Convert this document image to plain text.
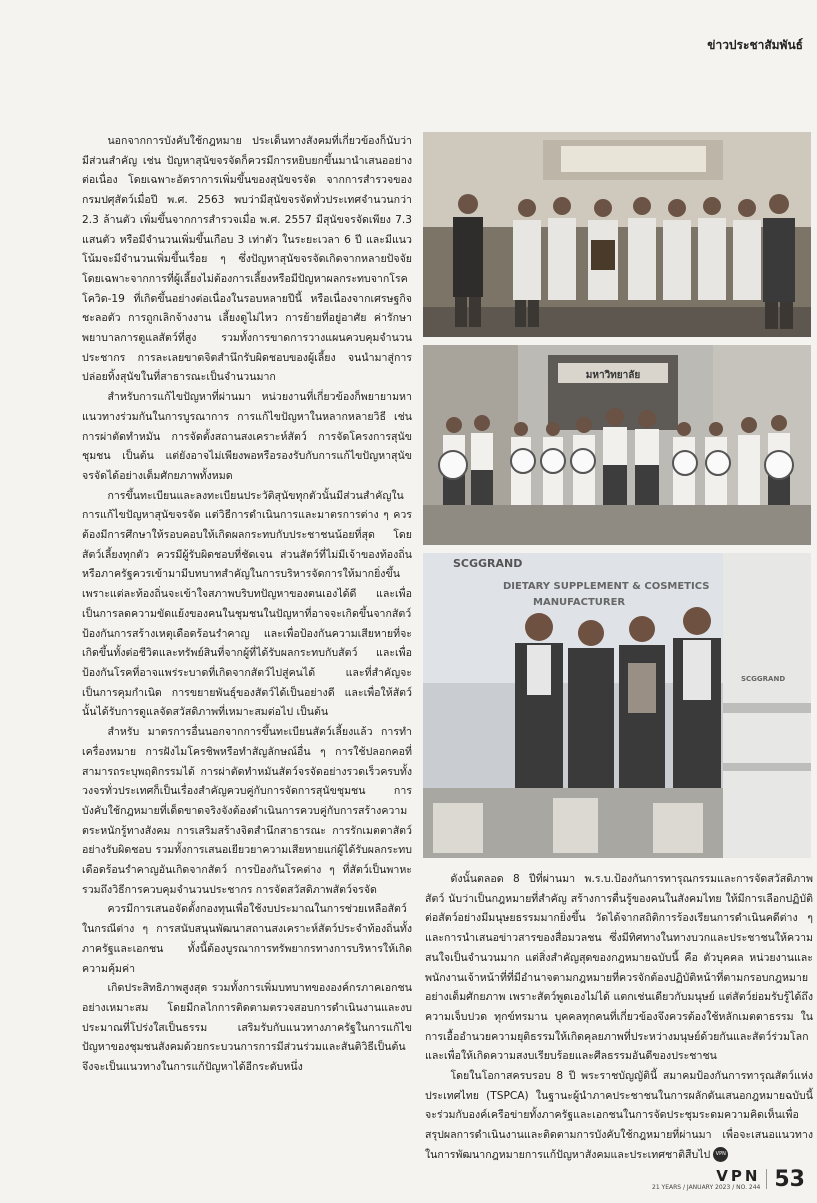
ข่าวประชาสัมพันธ์

นอกจากการบังคับใช้กฎหมาย ประเด็นทางสังคมที่เกี่ยวข้องก็นับว่ามีส่วนสำคัญ เช่น ปัญหาสุนัขจรจัดก็ควรมีการหยิบยกขึ้นมานำเสนออย่างต่อเนื่อง โดยเฉพาะอัตราการเพิ่มขึ้นของสุนัขจรจัด จากการสำรวจของกรมปศุสัตว์เมื่อปี พ.ศ. 2563 พบว่ามีสุนัขจรจัดทั่วประเทศจำนวนกว่า 2.3 ล้านตัว เพิ่มขึ้นจากการสำรวจเมื่อ พ.ศ. 2557 มีสุนัขจรจัดเพียง 7.3 แสนตัว หรือมีจำนวนเพิ่มขึ้นเกือบ 3 เท่าตัว ในระยะเวลา 6 ปี และมีแนวโน้มจะมีจำนวนเพิ่มขึ้นเรื่อย ๆ ซึ่งปัญหาสุนัขจรจัดเกิดจากหลายปัจจัย โดยเฉพาะจากการที่ผู้เลี้ยงไม่ต้องการเลี้ยงหรือมีปัญหาผลกระทบจากโรคโควิด-19 ที่เกิดขึ้นอย่างต่อเนื่องในรอบหลายปีนี้ หรือเนื่องจากเศรษฐกิจชะลอตัว การถูกเลิกจ้างงาน เลี้ยงดูไม่ไหว การย้ายที่อยู่อาศัย ค่ารักษาพยาบาลการดูแลสัตว์ที่สูง รวมทั้งการขาดการวางแผนควบคุมจำนวนประชากร การละเลยขาดจิตสำนึกรับผิดชอบของผู้เลี้ยง จนนำมาสู่การปล่อยทิ้งสุนัขในที่สาธารณะเป็นจำนวนมาก

สำหรับการแก้ไขปัญหาที่ผ่านมา หน่วยงานที่เกี่ยวข้องก็พยายามหาแนวทางร่วมกันในการบูรณาการ การแก้ไขปัญหาในหลากหลายวิธี เช่น การผ่าตัดทำหมัน การจัดตั้งสถานสงเคราะห์สัตว์ การจัดโครงการสุนัขชุมชน เป็นต้น แต่ยังอาจไม่เพียงพอหรือรองรับกับการแก้ไขปัญหาสุนัขจรจัดได้อย่างเต็มศักยภาพทั้งหมด

การขึ้นทะเบียนและลงทะเบียนประวัติสุนัขทุกตัวนั้นมีส่วนสำคัญในการแก้ไขปัญหาสุนัขจรจัด แต่วิธีการดำเนินการและมาตรการต่าง ๆ ควรต้องมีการศึกษาให้รอบคอบให้เกิดผลกระทบกับประชาชนน้อยที่สุด โดยสัตว์เลี้ยงทุกตัว ควรมีผู้รับผิดชอบที่ชัดเจน ส่วนสัตว์ที่ไม่มีเจ้าของท้องถิ่นหรือภาครัฐควรเข้ามามีบทบาทสำคัญในการบริหารจัดการให้มากยิ่งขึ้น เพราะแต่ละท้องถิ่นจะเข้าใจสภาพบริบทปัญหาของตนเองได้ดี และเพื่อเป็นการลดความขัดแย้งของคนในชุมชนในปัญหาที่อาจจะเกิดขึ้นจากสัตว์ ป้องกันการสร้างเหตุเดือดร้อนรำคาญ และเพื่อป้องกันความเสียหายที่จะเกิดขึ้นทั้งต่อชีวิตและทรัพย์สินที่จากผู้ที่ได้รับผลกระทบกับสัตว์ และเพื่อป้องกันโรคที่อาจแพร่ระบาดที่เกิดจากสัตว์ไปสู่คนได้ และที่สำคัญจะเป็นการคุมกำเนิด การขยายพันธุ์ของสัตว์ได้เป็นอย่างดี และเพื่อให้สัตว์นั้นได้รับการดูแลจัดสวัสดิภาพที่เหมาะสมต่อไป เป็นต้น

สำหรับ มาตรการอื่นนอกจากการขึ้นทะเบียนสัตว์เลี้ยงแล้ว การทำเครื่องหมาย การฝังไมโครชิพหรือทำสัญลักษณ์อื่น ๆ การใช้ปลอกคอที่สามารถระบุพฤติกรรมได้ การผ่าตัดทำหมันสัตว์จรจัดอย่างรวดเร็วครบทั้งวงจรทั่วประเทศก็เป็นเรื่องสำคัญควบคู่กับการจัดการสุนัขชุมชน การบังคับใช้กฎหมายที่เด็ดขาดจริงจังต้องดำเนินการควบคู่กับการสร้างความตระหนักรู้ทางสังคม การเสริมสร้างจิตสำนึกสาธารณะ การรักเมตตาสัตว์อย่างรับผิดชอบ รวมทั้งการเสนอเยียวยาความเสียหายแก่ผู้ได้รับผลกระทบเดือดร้อนรำคาญอันเกิดจากสัตว์ การป้องกันโรคต่าง ๆ ที่สัตว์เป็นพาหะ รวมถึงวิธีการควบคุมจำนวนประชากร การจัดสวัสดิภาพสัตว์จรจัด

ควรมีการเสนอจัดตั้งกองทุนเพื่อใช้งบประมาณในการช่วยเหลือสัตว์ในกรณีต่าง ๆ การสนับสนุนพัฒนาสถานสงเคราะห์สัตว์ประจำท้องถิ่นทั้งภาครัฐและเอกชน ทั้งนี้ต้องบูรณาการทรัพยากรทางการบริหารให้เกิดความคุ้มค่า

เกิดประสิทธิภาพสูงสุด รวมทั้งการเพิ่มบทบาทขององค์กรภาคเอกชนอย่างเหมาะสม โดยมีกลไกการติดตามตรวจสอบการดำเนินงานและงบประมาณที่โปร่งใสเป็นธรรม เสริมรับกับแนวทางภาครัฐในการแก้ไขปัญหาของชุมชนสังคมด้วยกระบวนการการมีส่วนร่วมและสันติวิธีเป็นต้น จึงจะเป็นแนวทางในการแก้ปัญหาได้อีกระดับหนึ่ง

มหาวิทยาลัย
SCGGRAND
DIETARY SUPPLEMENT & COSMETICS
MANUFACTURER
SCGGRAND

ดังนั้นตลอด 8 ปีที่ผ่านมา พ.ร.บ.ป้องกันการทารุณกรรมและการจัดสวัสดิภาพสัตว์ นับว่าเป็นกฎหมายที่สำคัญ สร้างการตื่นรู้ของคนในสังคมไทย ให้มีการเลือกปฏิบัติต่อสัตว์อย่างมีมนุษยธรรมมากยิ่งขึ้น วัดได้จากสถิติการร้องเรียนการดำเนินคดีต่าง ๆ และการนำเสนอข่าวสารของสื่อมวลชน ซึ่งมีทิศทางในทางบวกและประชาชนให้ความสนใจเป็นจำนวนมาก แต่สิ่งสำคัญสุดของกฎหมายฉบับนี้ คือ ตัวบุคคล หน่วยงานและพนักงานเจ้าหน้าที่ที่มีอำนาจตามกฎหมายที่ควรจักต้องปฏิบัติหน้าที่ตามกรอบกฎหมายอย่างเต็มศักยภาพ เพราะสัตว์พูดเองไม่ได้ แตกเช่นเดียวกับมนุษย์ แต่สัตว์ย่อมรับรู้ได้ถึงความเจ็บปวด ทุกข์ทรมาน บุคคลทุกคนที่เกี่ยวข้องจึงควรต้องใช้หลักเมตตาธรรม ในการเอื้ออำนวยความยุติธรรมให้เกิดคุลยภาพที่ประหว่างมนุษย์ด้วยกันและสัตว์ร่วมโลก และเพื่อให้เกิดความสงบเรียบร้อยและศีลธรรมอันดีของประชาชน

โดยในโอกาสครบรอบ 8 ปี พระราชบัญญัตินี้ สมาคมป้องกันการทารุณสัตว์แห่งประเทศไทย (TSPCA) ในฐานะผู้นำภาคประชาชนในการผลักดันเสนอกฎหมายฉบับนี้ จะร่วมกับองค์เครือข่ายทั้งภาครัฐและเอกชนในการจัดประชุมระดมความคิดเห็นเพื่อสรุปผลการดำเนินงานและติดตามการบังคับใช้กฎหมายที่ผ่านมา เพื่อจะเสนอแนวทางในการพัฒนากฎหมายการแก้ปัญหาสังคมและประเทศชาติสืบไป VPN

VPN
21 YEARS / JANUARY 2023 / NO. 244 53
